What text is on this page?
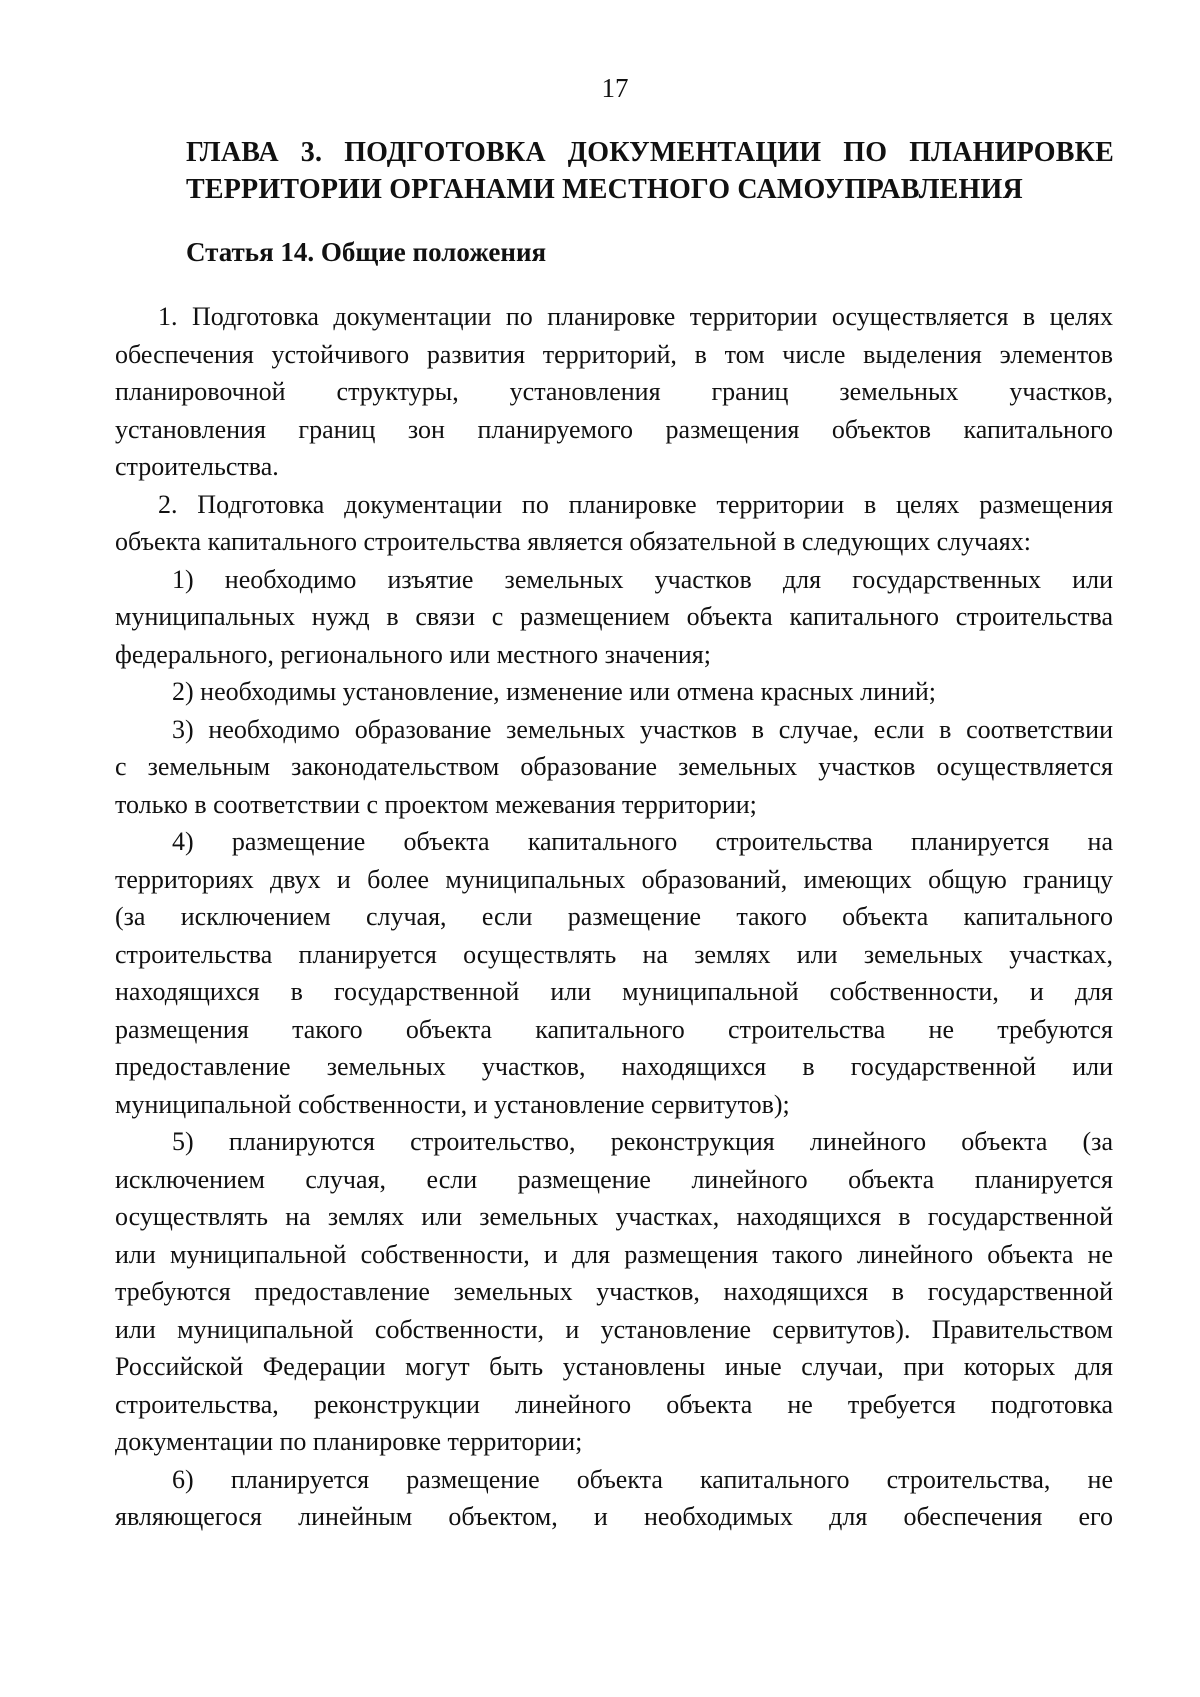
17
ГЛАВА 3. ПОДГОТОВКА ДОКУМЕНТАЦИИ ПО ПЛАНИРОВКЕ
ТЕРРИТОРИИ ОРГАНАМИ МЕСТНОГО САМОУПРАВЛЕНИЯ
Статья 14. Общие положения

1. Подготовка документации по планировке территории осуществляется в целях
обеспечения устойчивого развития территорий, в том числе выделения элементов
планировочной структуры, установления границ земельных участков,
установления границ зон планируемого размещения объектов капитального
строительства.

2. Подготовка документации по планировке территории в целях размещения
объекта капитального строительства является обязательной в следующих случаях:

1) необходимо изъятие земельных участков для государственных или
муниципальных нужд в связи с размещением объекта капитального строительства
федерального, регионального или местного значения;

2) необходимы установление, изменение или отмена красных линий;

3) необходимо образование земельных участков в случае, если в соответствии
с земельным законодательством образование земельных участков осуществляется
только в соответствии с проектом межевания территории;

4) размещение объекта капитального строительства планируется на
территориях двух и более муниципальных образований, имеющих общую границу
(за исключением случая, если размещение такого объекта капитального
строительства планируется осуществлять на землях или земельных участках,
находящихся в государственной или муниципальной собственности, и для
размещения такого объекта капитального строительства не требуются
предоставление земельных участков, находящихся в государственной или
муниципальной собственности, и установление сервитутов);

5) планируются строительство, реконструкция линейного объекта (за
исключением случая, если размещение линейного объекта планируется
осуществлять на землях или земельных участках, находящихся в государственной
или муниципальной собственности, и для размещения такого линейного объекта не
требуются предоставление земельных участков, находящихся в государственной
или муниципальной собственности, и установление сервитутов). Правительством
Российской Федерации могут быть установлены иные случаи, при которых для
строительства, реконструкции линейного объекта не требуется подготовка
документации по планировке территории;

6) планируется размещение объекта капитального строительства, не
являющегося линейным объектом, и необходимых для обеспечения его
